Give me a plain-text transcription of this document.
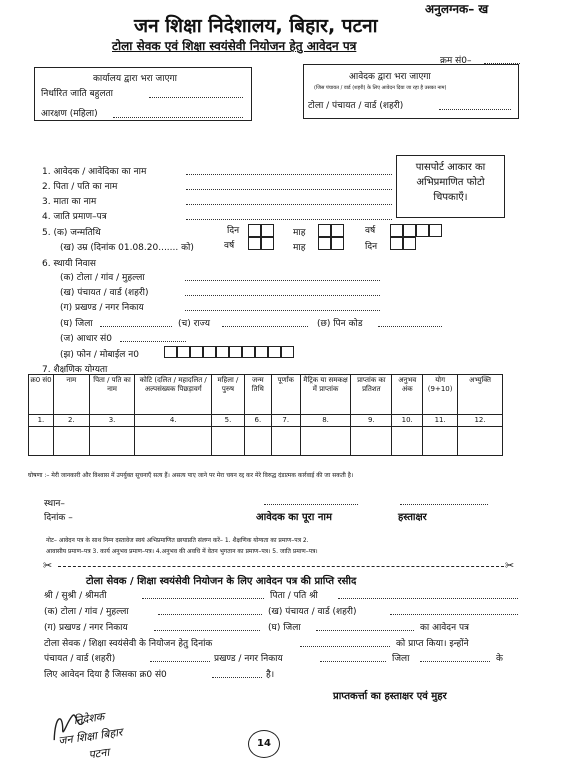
अनुलग्नक– ख
जन शिक्षा निदेशालय, बिहार, पटना
टोला सेवक एवं शिक्षा स्वयंसेवी नियोजन हेतु आवेदन पत्र
क्रम सं0–
कार्यालय द्वारा भरा जाएगा
निर्धारित जाति बहुलता
आरक्षण (महिला)
आवेदक द्वारा भरा जाएगा
(जिस पंचायत / वार्ड (शहरी) के लिए आवेदन दिया जा रहा है उसका नाम)
टोला / पंचायत / वार्ड (शहरी)
पासपोर्ट आकार का अभिप्रमाणित फोटो चिपकाएँ।
1. आवेदक / आवेदिका का नाम
2. पिता / पति का नाम
3. माता का नाम
4. जाति प्रमाण–पत्र
5. (क) जन्मतिथि
(ख) उम्र (दिनांक 01.08.20....... को)
दिन	माह	वर्ष
वर्ष	माह	दिन
6. स्थायी निवास
(क) टोला / गांव / मुहल्ला
(ख) पंचायत / वार्ड (शहरी)
(ग) प्रखण्ड / नगर निकाय
(घ) जिला	(च) राज्य	(छ) पिन कोड
(ज) आधार सं0
(झ) फोन / मोबाईल न0
7. शैक्षणिक योग्यता
क्र0 सं0	नाम	पिता / पति का नाम	कोटि (दलित / महादलित / अल्पसंख्यक पिछड़ावर्ग	महिला / पुरुष	जन्म तिथि	पूर्णांक	मैट्रिक या समकक्ष में प्राप्तांक	प्राप्तांक का प्रतिशत	अनुभव अंक	योग (9+10)	अभ्युक्ति
1.	2.	3.	4.	5.	6.	7.	8.	9.	10.	11.	12.

घोषणा :– मेरी जानकारी और विश्वास में उपर्युक्त सूचनाएँ सत्य हैं। असत्य पाए जाने पर मेरा चयन रद्द कर मेरे विरुद्ध दंडात्मक कार्रवाई की जा सकती है।
स्थान–
दिनांक –	आवेदक का पूरा नाम	हस्ताक्षर
नोट– आवेदन पत्र के साथ निम्न दस्तावेज स्वयं अभिप्रमाणित छायाप्रति संलग्न करें– 1. शैक्षणिक योग्यता का प्रमाण–पत्र 2.
आवासीय प्रमाण–पत्र 3. कार्य अनुभव प्रमाण–पत्र। 4.अनुभव की अवधि में वेतन भुगतान का प्रमाण–पत्र। 5. जाति प्रमाण–पत्र।
✂	✂
टोला सेवक / शिक्षा स्वयंसेवी नियोजन के लिए आवेदन पत्र की प्राप्ति रसीद
श्री / सुश्री / श्रीमती	पिता / पति श्री
(क) टोला / गांव / मुहल्ला	(ख) पंचायत / वार्ड (शहरी)
(ग) प्रखण्ड / नगर निकाय	(घ) जिला	का आवेदन पत्र
टोला सेवक / शिक्षा स्वयंसेवी के नियोजन हेतु दिनांक	को प्राप्त किया। इन्होंने
पंचायत / वार्ड (शहरी)	प्रखण्ड / नगर निकाय	जिला	के
लिए आवेदन दिया है जिसका क्र0 सं0	है।
प्राप्तकर्त्ता का हस्ताक्षर एवं मुहर
निदेशक
जन शिक्षा बिहार
पटना
14
